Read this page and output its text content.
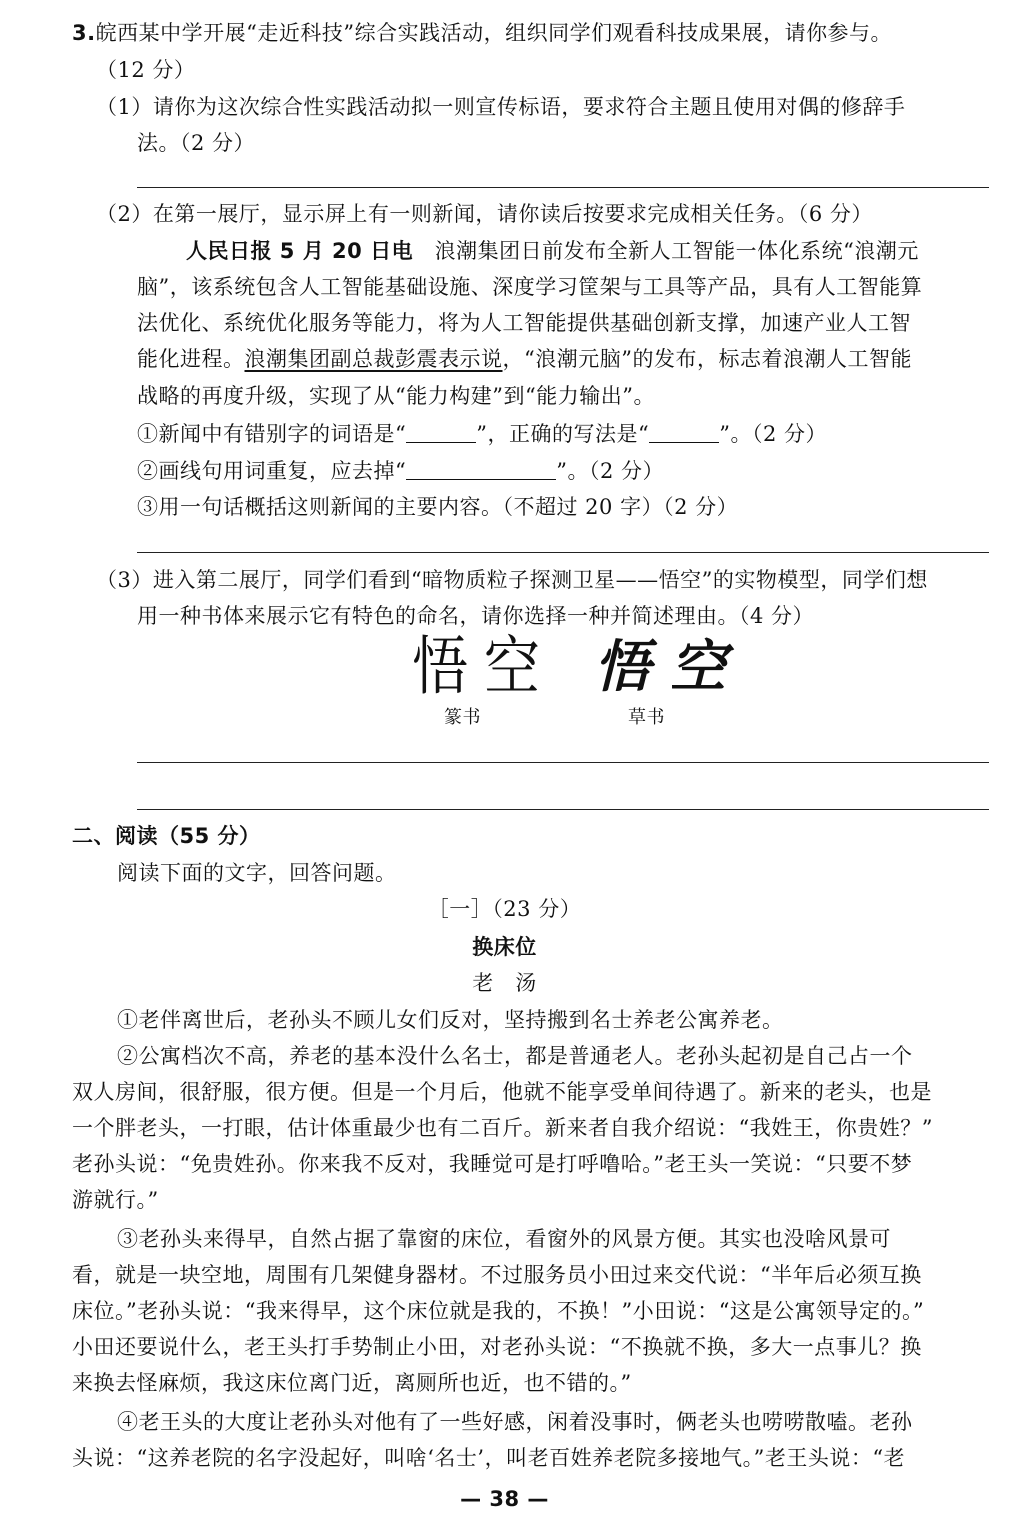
3.皖西某中学开展“走近科技”综合实践活动，组织同学们观看科技成果展，请你参与。
（12 分）
（1）请你为这次综合性实践活动拟一则宣传标语，要求符合主题且使用对偶的修辞手
法。（2 分）
（2）在第一展厅，显示屏上有一则新闻，请你读后按要求完成相关任务。（6 分）
人民日报 5 月 20 日电 浪潮集团日前发布全新人工智能一体化系统“浪潮元
脑”，该系统包含人工智能基础设施、深度学习筐架与工具等产品，具有人工智能算
法优化、系统优化服务等能力，将为人工智能提供基础创新支撑，加速产业人工智
能化进程。浪潮集团副总裁彭震表示说，“浪潮元脑”的发布，标志着浪潮人工智能
战略的再度升级，实现了从“能力构建”到“能力输出”。
①新闻中有错别字的词语是“	”，正确的写法是“	”。（2 分）
②画线句用词重复，应去掉“	”。（2 分）
③用一句话概括这则新闻的主要内容。（不超过 20 字）（2 分）
（3）进入第二展厅，同学们看到“暗物质粒子探测卫星——悟空”的实物模型，同学们想
用一种书体来展示它有特色的命名，请你选择一种并简述理由。（4 分）
悟空 悟空
篆书	草书
二、阅读（55 分）
阅读下面的文字，回答问题。
［一］（23 分）
换床位
老　汤
①老伴离世后，老孙头不顾儿女们反对，坚持搬到名士养老公寓养老。
②公寓档次不高，养老的基本没什么名士，都是普通老人。老孙头起初是自己占一个
双人房间，很舒服，很方便。但是一个月后，他就不能享受单间待遇了。新来的老头，也是
一个胖老头，一打眼，估计体重最少也有二百斤。新来者自我介绍说：“我姓王，你贵姓？”
老孙头说：“免贵姓孙。你来我不反对，我睡觉可是打呼噜哈。”老王头一笑说：“只要不梦
游就行。”
③老孙头来得早，自然占据了靠窗的床位，看窗外的风景方便。其实也没啥风景可
看，就是一块空地，周围有几架健身器材。不过服务员小田过来交代说：“半年后必须互换
床位。”老孙头说：“我来得早，这个床位就是我的，不换！”小田说：“这是公寓领导定的。”
小田还要说什么，老王头打手势制止小田，对老孙头说：“不换就不换，多大一点事儿？换
来换去怪麻烦，我这床位离门近，离厕所也近，也不错的。”
④老王头的大度让老孙头对他有了一些好感，闲着没事时，俩老头也唠唠散嗑。老孙
头说：“这养老院的名字没起好，叫啥‘名士’，叫老百姓养老院多接地气。”老王头说：“老
— 38 —
